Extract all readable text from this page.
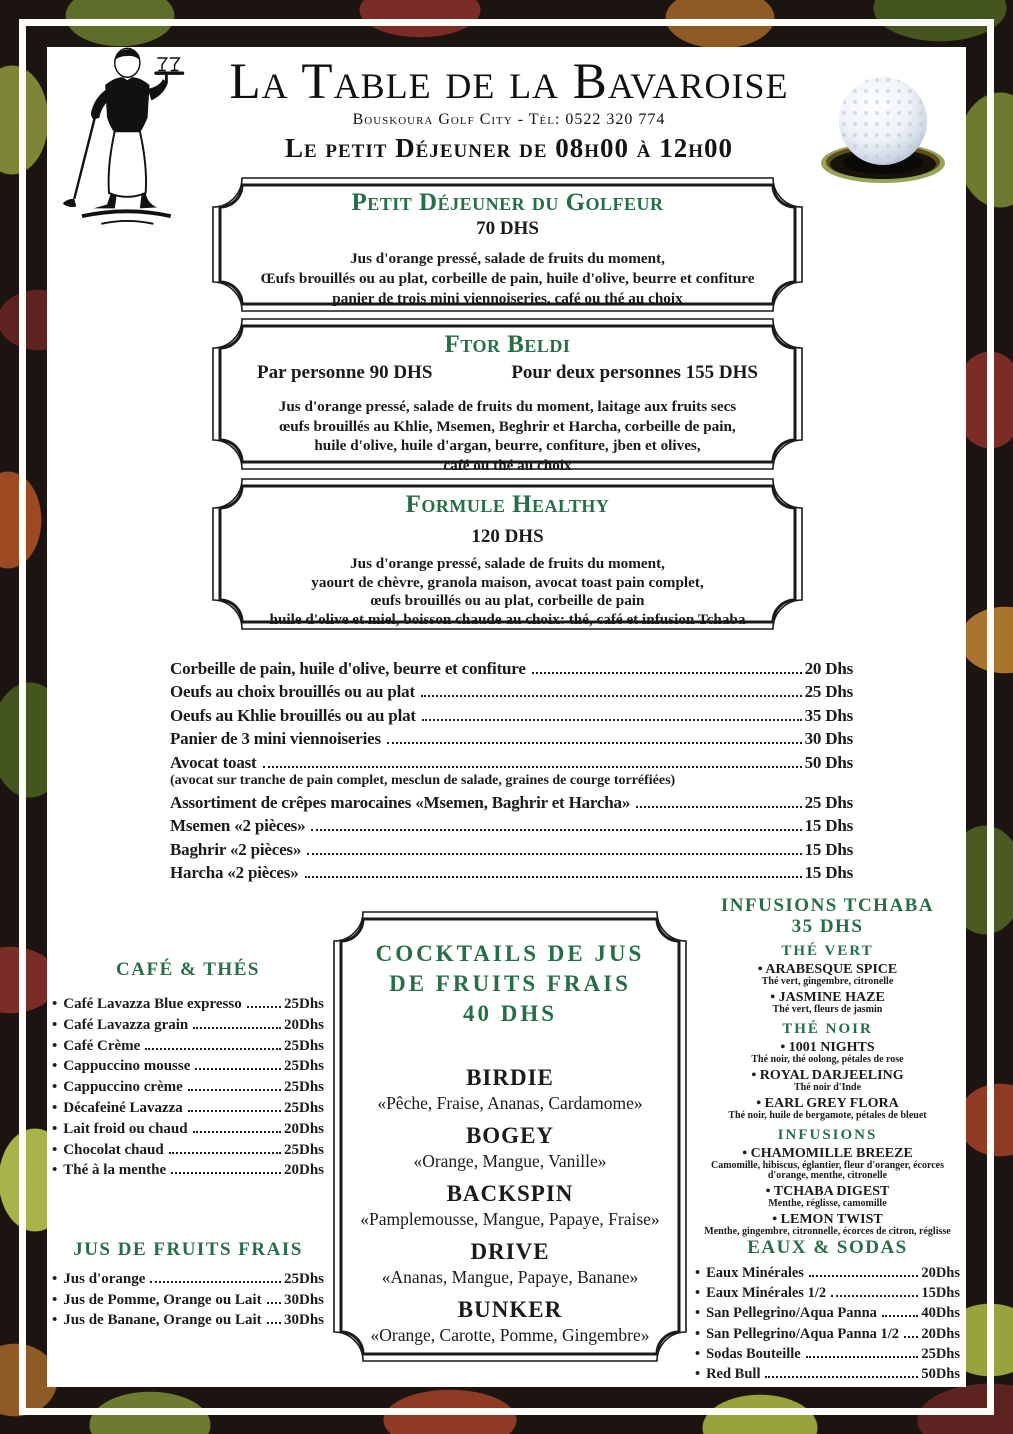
La Table de la Bavaroise
Bouskoura Golf City - Tél: 0522 320 774
Le petit Déjeuner de 08h00 à 12h00
Petit Déjeuner du Golfeur
70 DHS
Jus d'orange pressé, salade de fruits du moment,
Œufs brouillés ou au plat, corbeille de pain, huile d'olive, beurre et confiture
panier de trois mini viennoiseries, café ou thé au choix
Ftor Beldi
Par personne 90 DHS	Pour deux personnes 155 DHS
Jus d'orange pressé, salade de fruits du moment, laitage aux fruits secs
œufs brouillés au Khlie, Msemen, Beghrir et Harcha, corbeille de pain,
huile d'olive, huile d'argan, beurre, confiture, jben et olives,
café ou thé au choix
Formule Healthy
120 DHS
Jus d'orange pressé, salade de fruits du moment,
yaourt de chèvre, granola maison, avocat toast pain complet,
œufs brouillés ou au plat, corbeille de pain
huile d'olive et miel, boisson chaude au choix: thé, café et infusion Tchaba
Corbeille de pain, huile d'olive, beurre et confiture	20 Dhs
Oeufs au choix brouillés ou au plat	25 Dhs
Oeufs au Khlie brouillés ou au plat	35 Dhs
Panier de 3 mini viennoiseries	30 Dhs
Avocat toast	50 Dhs
(avocat sur tranche de pain complet, mesclun de salade, graines de courge torréfiées)
Assortiment de crêpes marocaines «Msemen, Baghrir et Harcha»	25 Dhs
Msemen «2 pièces»	15 Dhs
Baghrir «2 pièces»	15 Dhs
Harcha «2 pièces»	15 Dhs
CAFÉ & THÉS
•
Café Lavazza Blue expresso	25Dhs
•
Café Lavazza grain	20Dhs
•
Café Crème	25Dhs
•
Cappuccino mousse	25Dhs
•
Cappuccino crème	25Dhs
•
Décafeiné Lavazza	25Dhs
•
Lait froid ou chaud	20Dhs
•
Chocolat chaud	25Dhs
•
Thé à la menthe	20Dhs
JUS DE FRUITS FRAIS
•
Jus d'orange	25Dhs
•
Jus de Pomme, Orange ou Lait 30Dhs
•
Jus de Banane, Orange ou Lait 30Dhs
COCKTAILS DE JUS
DE FRUITS FRAIS
40 DHS
BIRDIE
«Pêche, Fraise, Ananas, Cardamome»
BOGEY
«Orange, Mangue, Vanille»
BACKSPIN
«Pamplemousse, Mangue, Papaye, Fraise»
DRIVE
«Ananas, Mangue, Papaye, Banane»
BUNKER
«Orange, Carotte, Pomme, Gingembre»
INFUSIONS TCHABA
35 DHS
THÉ VERT
• ARABESQUE SPICE
Thé vert, gingembre, citronelle
• JASMINE HAZE
Thé vert, fleurs de jasmin
THÉ NOIR
• 1001 NIGHTS
Thé noir, thé oolong, pétales de rose
• ROYAL DARJEELING
Thé noir d'Inde
• EARL GREY FLORA
Thé noir, huile de bergamote, pétales de bleuet
INFUSIONS
• CHAMOMILLE BREEZE
Camomille, hibiscus, églantier, fleur d'oranger, écorces d'orange, menthe, citronelle
• TCHABA DIGEST
Menthe, réglisse, camomille
• LEMON TWIST
Menthe, gingembre, citronnelle, écorces de citron, réglisse
EAUX & SODAS
•
Eaux Minérales	20Dhs
•
Eaux Minérales 1/2	15Dhs
•
San Pellegrino/Aqua Panna	40Dhs
•
San Pellegrino/Aqua Panna 1/2 20Dhs
•
Sodas Bouteille	25Dhs
•
Red Bull	50Dhs
